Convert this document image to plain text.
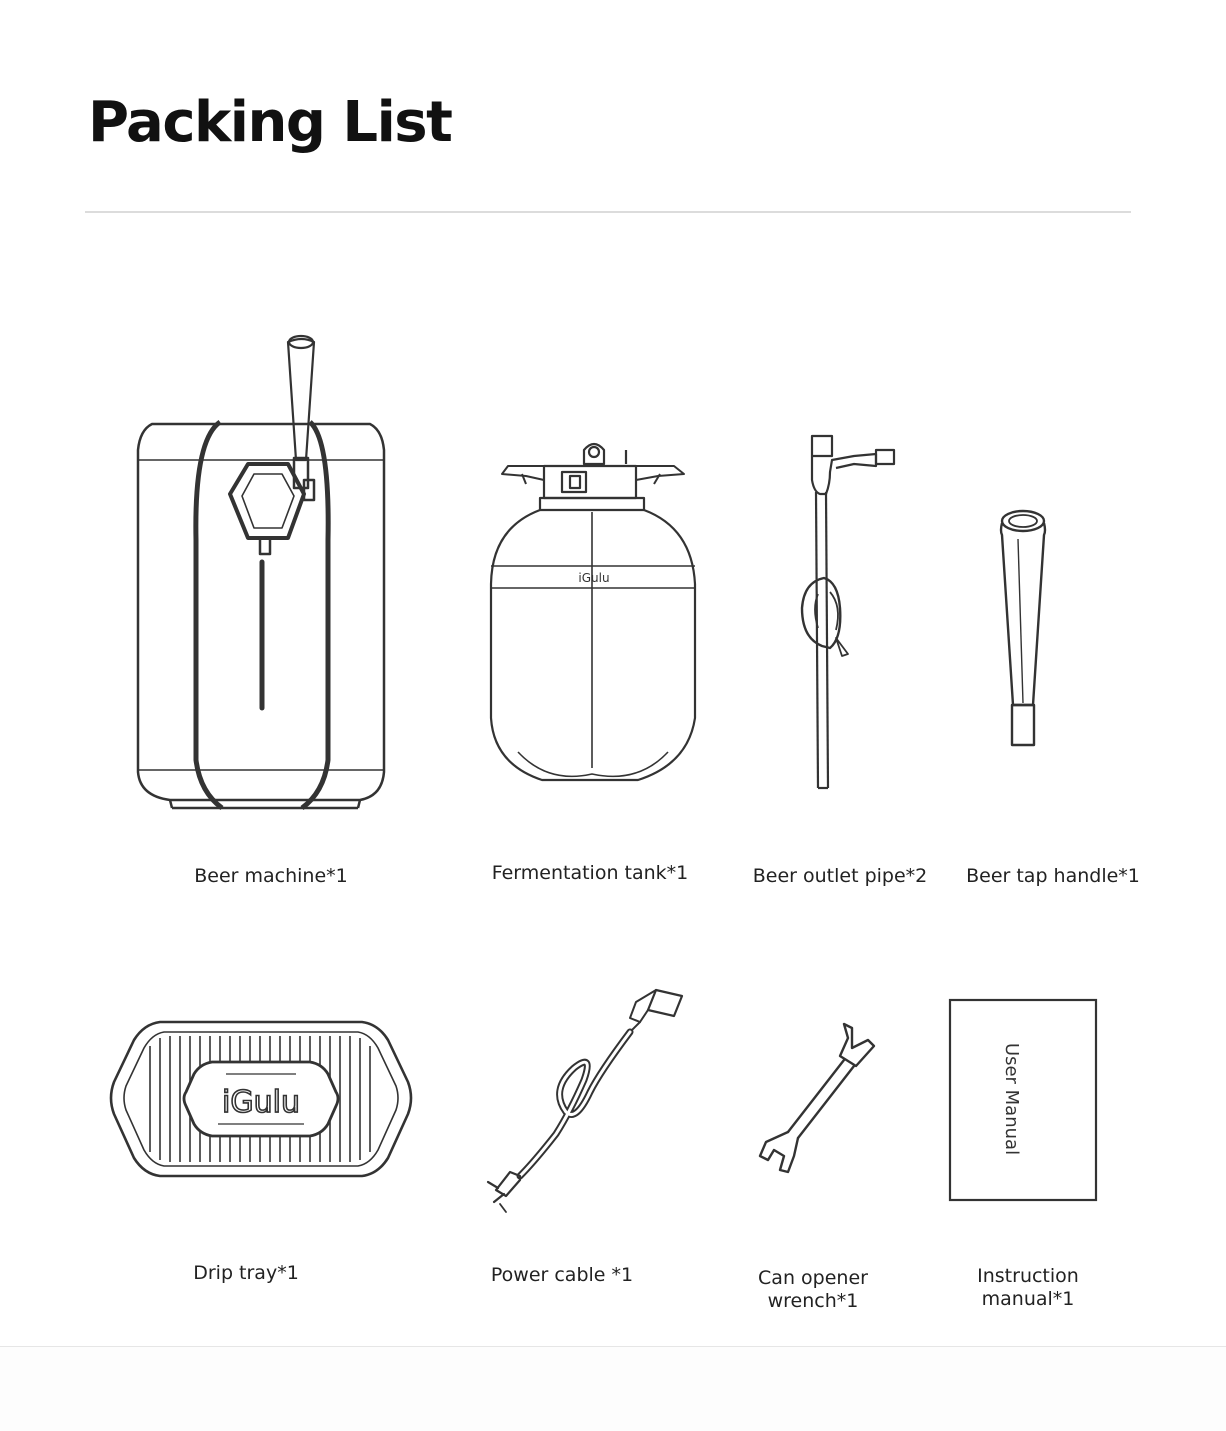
Packing List
Beer machine*1
iGulu
Fermentation tank*1	Beer outlet pipe*2	Beer tap handle*1
iGulu
Drip tray*1	Power cable *1	Can opener
wrench*1
User Manual
Instruction
manual*1
